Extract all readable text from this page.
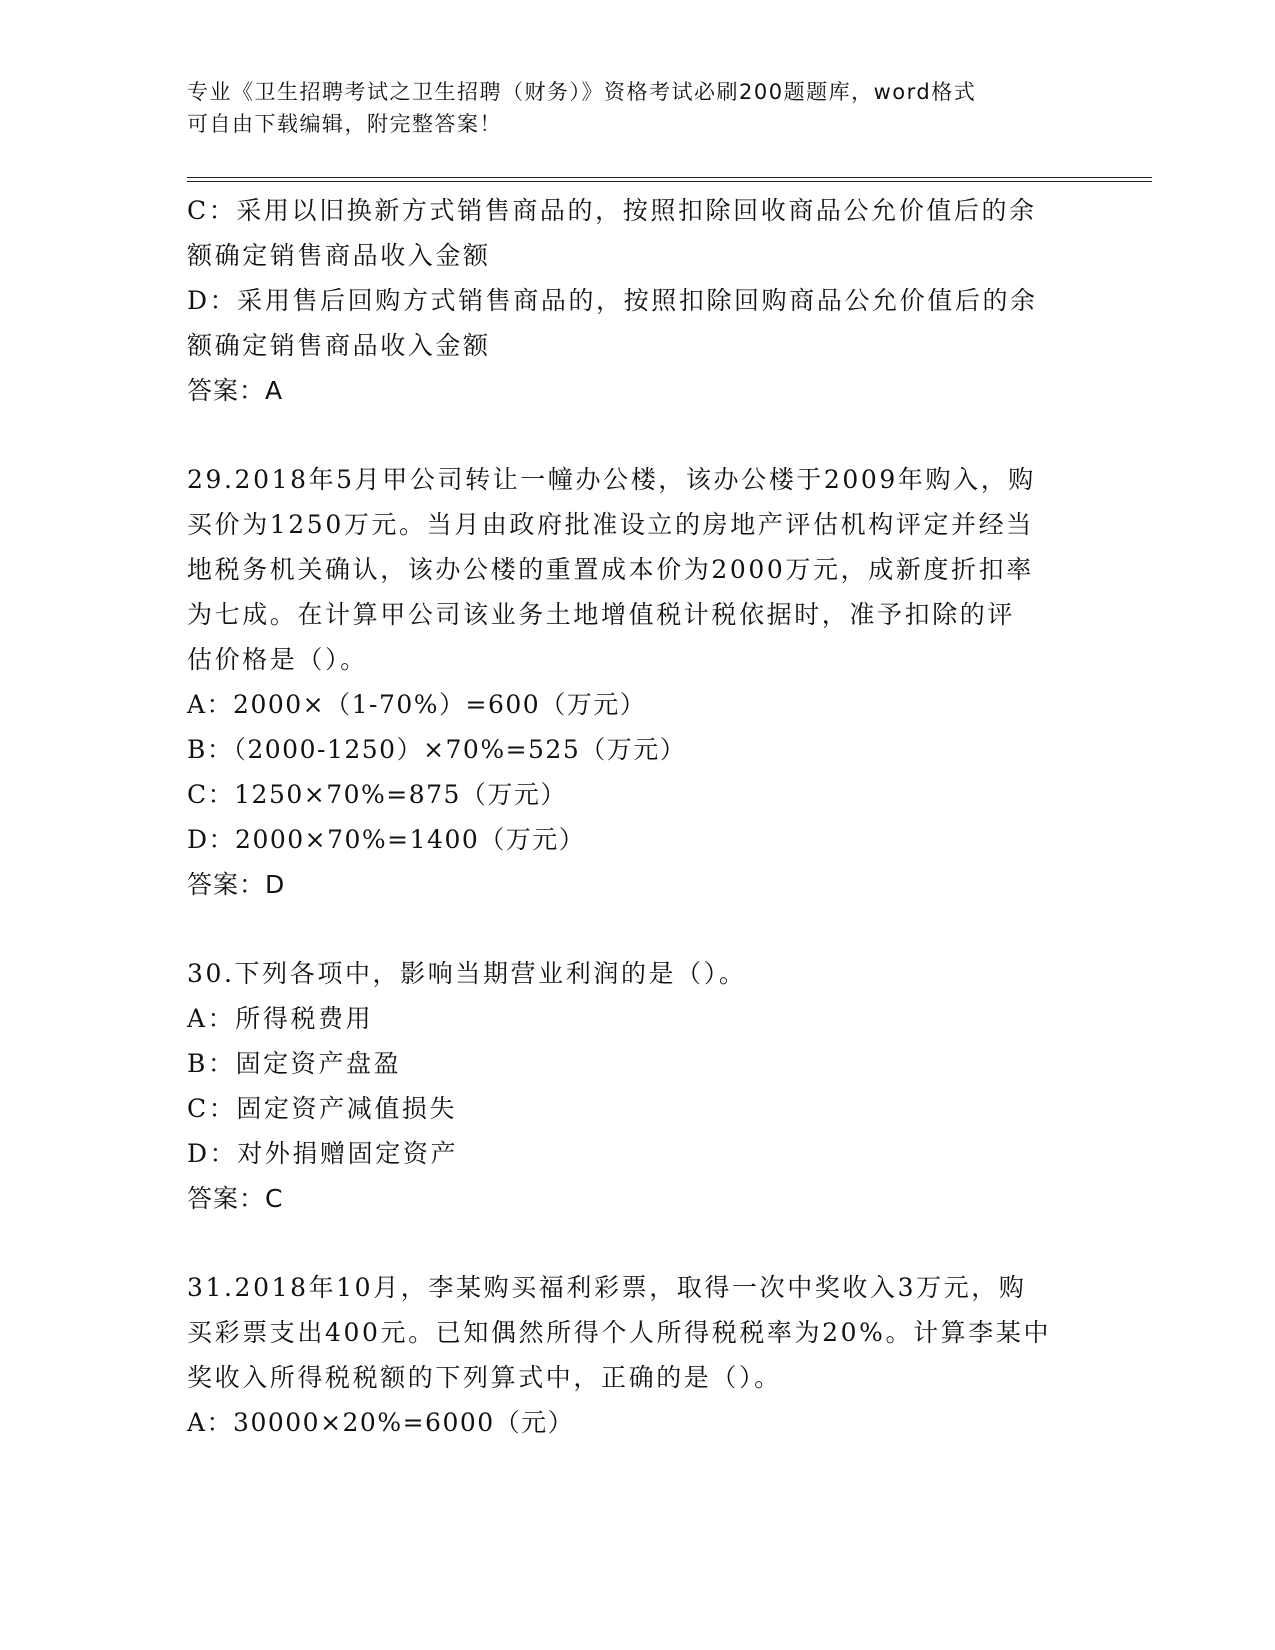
专业《卫生招聘考试之卫生招聘（财务）》资格考试必刷200题题库，word格式
可自由下载编辑，附完整答案！
C：采用以旧换新方式销售商品的，按照扣除回收商品公允价值后的余
额确定销售商品收入金额
D：采用售后回购方式销售商品的，按照扣除回购商品公允价值后的余
额确定销售商品收入金额
答案：A
29.2018年5月甲公司转让一幢办公楼，该办公楼于2009年购入，购
买价为1250万元。当月由政府批准设立的房地产评估机构评定并经当
地税务机关确认，该办公楼的重置成本价为2000万元，成新度折扣率
为七成。在计算甲公司该业务土地增值税计税依据时，准予扣除的评
估价格是（）。
A：2000×（1-70%）=600（万元）
B：（2000-1250）×70%=525（万元）
C：1250×70%=875（万元）
D：2000×70%=1400（万元）
答案：D
30.下列各项中，影响当期营业利润的是（）。
A：所得税费用
B：固定资产盘盈
C：固定资产减值损失
D：对外捐赠固定资产
答案：C
31.2018年10月，李某购买福利彩票，取得一次中奖收入3万元，购
买彩票支出400元。已知偶然所得个人所得税税率为20%。计算李某中
奖收入所得税税额的下列算式中，正确的是（）。
A：30000×20%=6000（元）
